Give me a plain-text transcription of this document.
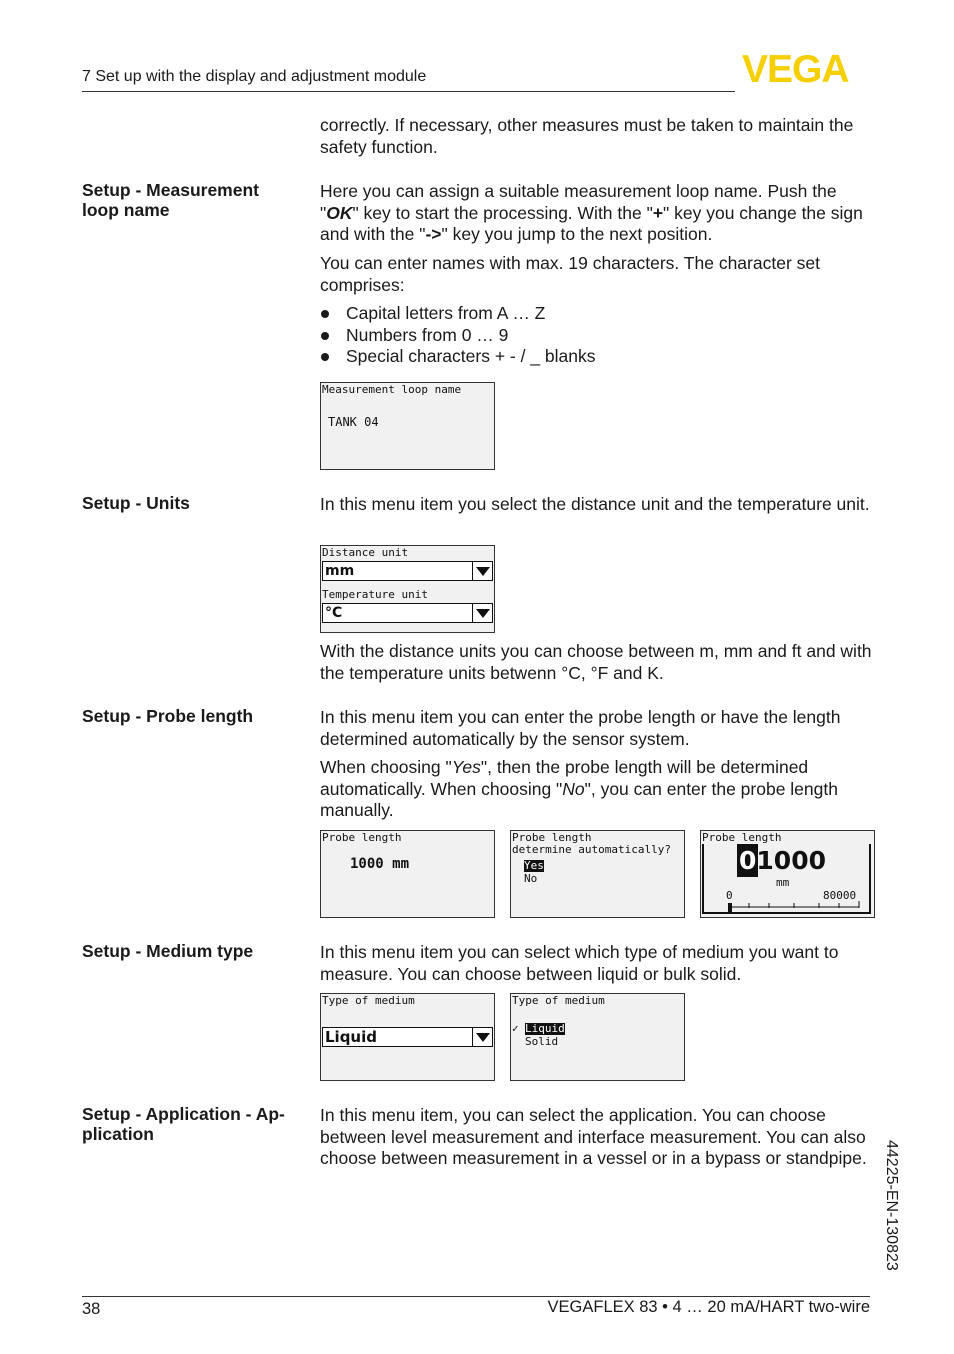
7 Set up with the display and adjustment module	VEGA
correctly. If necessary, other measures must be taken to maintain the safety function.
Setup - Measurement loop name
Here you can assign a suitable measurement loop name. Push the "OK" key to start the processing. With the "+" key you change the sign and with the "->" key you jump to the next position.
You can enter names with max. 19 characters. The character set comprises:
Capital letters from A … Z
Numbers from 0 … 9
Special characters + - / _ blanks
Measurement loop name
TANK 04
Setup - Units	In this menu item you select the distance unit and the temperature unit.
Distance unit
mm
Temperature unit
°C
With the distance units you can choose between m, mm and ft and with the temperature units betwenn °C, °F and K.
Setup - Probe length	In this menu item you can enter the probe length or have the length determined automatically by the sensor system.
When choosing "Yes", then the probe length will be determined automatically. When choosing "No", you can enter the probe length manually.
Probe length
1000 mm
Probe length
determine automatically?
Yes
No
Probe length
01000
mm
0	80000
Setup - Medium type	In this menu item you can select which type of medium you want to measure. You can choose between liquid or bulk solid.
Type of medium
Liquid
Type of medium
✓ Liquid
Solid
Setup - Application - Ap-
plication
In this menu item, you can select the application. You can choose between level measurement and interface measurement. You can also choose between measurement in a vessel or in a bypass or standpipe.	44225-EN-130823
38	VEGAFLEX 83 • 4 … 20 mA/HART two-wire
